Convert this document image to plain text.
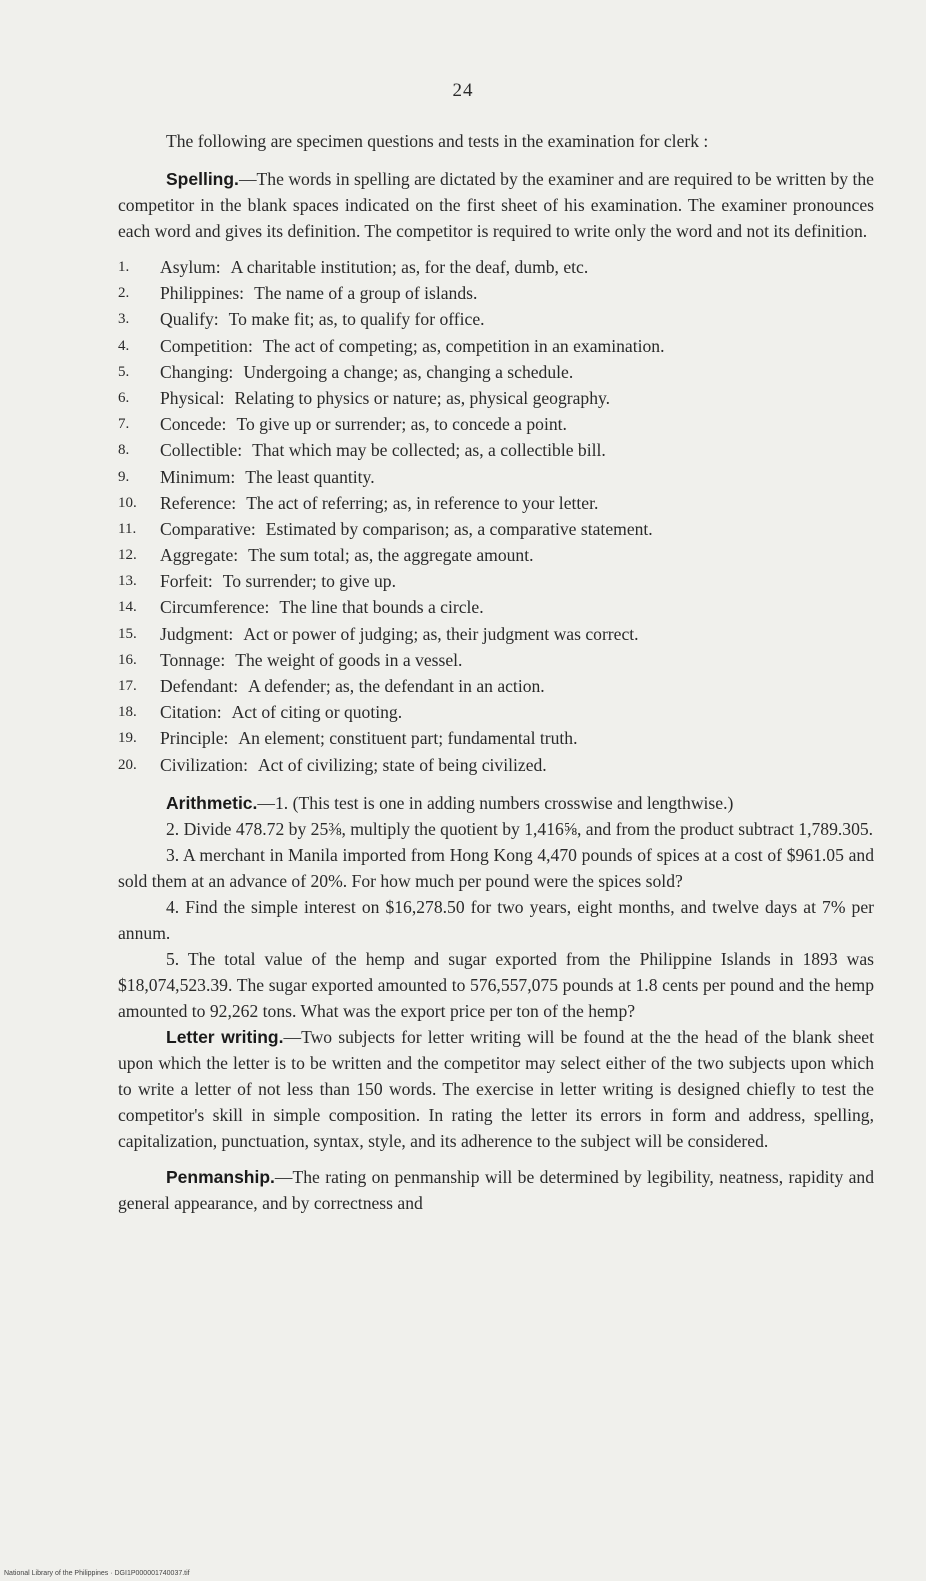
24

The following are specimen questions and tests in the examination for clerk :

Spelling.—The words in spelling are dictated by the examiner and are required to be written by the competitor in the blank spaces indicated on the first sheet of his examination. The examiner pronounces each word and gives its definition. The competitor is required to write only the word and not its definition.

1.	Asylum: A charitable institution; as, for the deaf, dumb, etc.
2.	Philippines: The name of a group of islands.
3.	Qualify: To make fit; as, to qualify for office.
4.	Competition: The act of competing; as, competition in an examination.
5.	Changing: Undergoing a change; as, changing a schedule.
6.	Physical: Relating to physics or nature; as, physical geography.
7.	Concede: To give up or surrender; as, to concede a point.
8.	Collectible: That which may be collected; as, a collectible bill.
9.	Minimum: The least quantity.
10.	Reference: The act of referring; as, in reference to your letter.
11.	Comparative: Estimated by comparison; as, a comparative statement.
12.	Aggregate: The sum total; as, the aggregate amount.
13.	Forfeit: To surrender; to give up.
14.	Circumference: The line that bounds a circle.
15.	Judgment: Act or power of judging; as, their judgment was correct.
16.	Tonnage: The weight of goods in a vessel.
17.	Defendant: A defender; as, the defendant in an action.
18.	Citation: Act of citing or quoting.
19.	Principle: An element; constituent part; fundamental truth.
20.	Civilization: Act of civilizing; state of being civilized.

Arithmetic.—1. (This test is one in adding numbers crosswise and lengthwise.)

2. Divide 478.72 by 25⅜, multiply the quotient by 1,416⅝, and from the product subtract 1,789.305.

3. A merchant in Manila imported from Hong Kong 4,470 pounds of spices at a cost of $961.05 and sold them at an advance of 20%. For how much per pound were the spices sold?

4. Find the simple interest on $16,278.50 for two years, eight months, and twelve days at 7% per annum.

5. The total value of the hemp and sugar exported from the Philippine Islands in 1893 was $18,074,523.39. The sugar exported amounted to 576,557,075 pounds at 1.8 cents per pound and the hemp amounted to 92,262 tons. What was the export price per ton of the hemp?

Letter writing.—Two subjects for letter writing will be found at the the head of the blank sheet upon which the letter is to be written and the competitor may select either of the two subjects upon which to write a letter of not less than 150 words. The exercise in letter writing is designed chiefly to test the competitor's skill in simple composition. In rating the letter its errors in form and address, spelling, capitalization, punctuation, syntax, style, and its adherence to the subject will be considered.

Penmanship.—The rating on penmanship will be determined by legibility, neatness, rapidity and general appearance, and by correctness and

National Library of the Philippines · DGI1P000001740037.tif
